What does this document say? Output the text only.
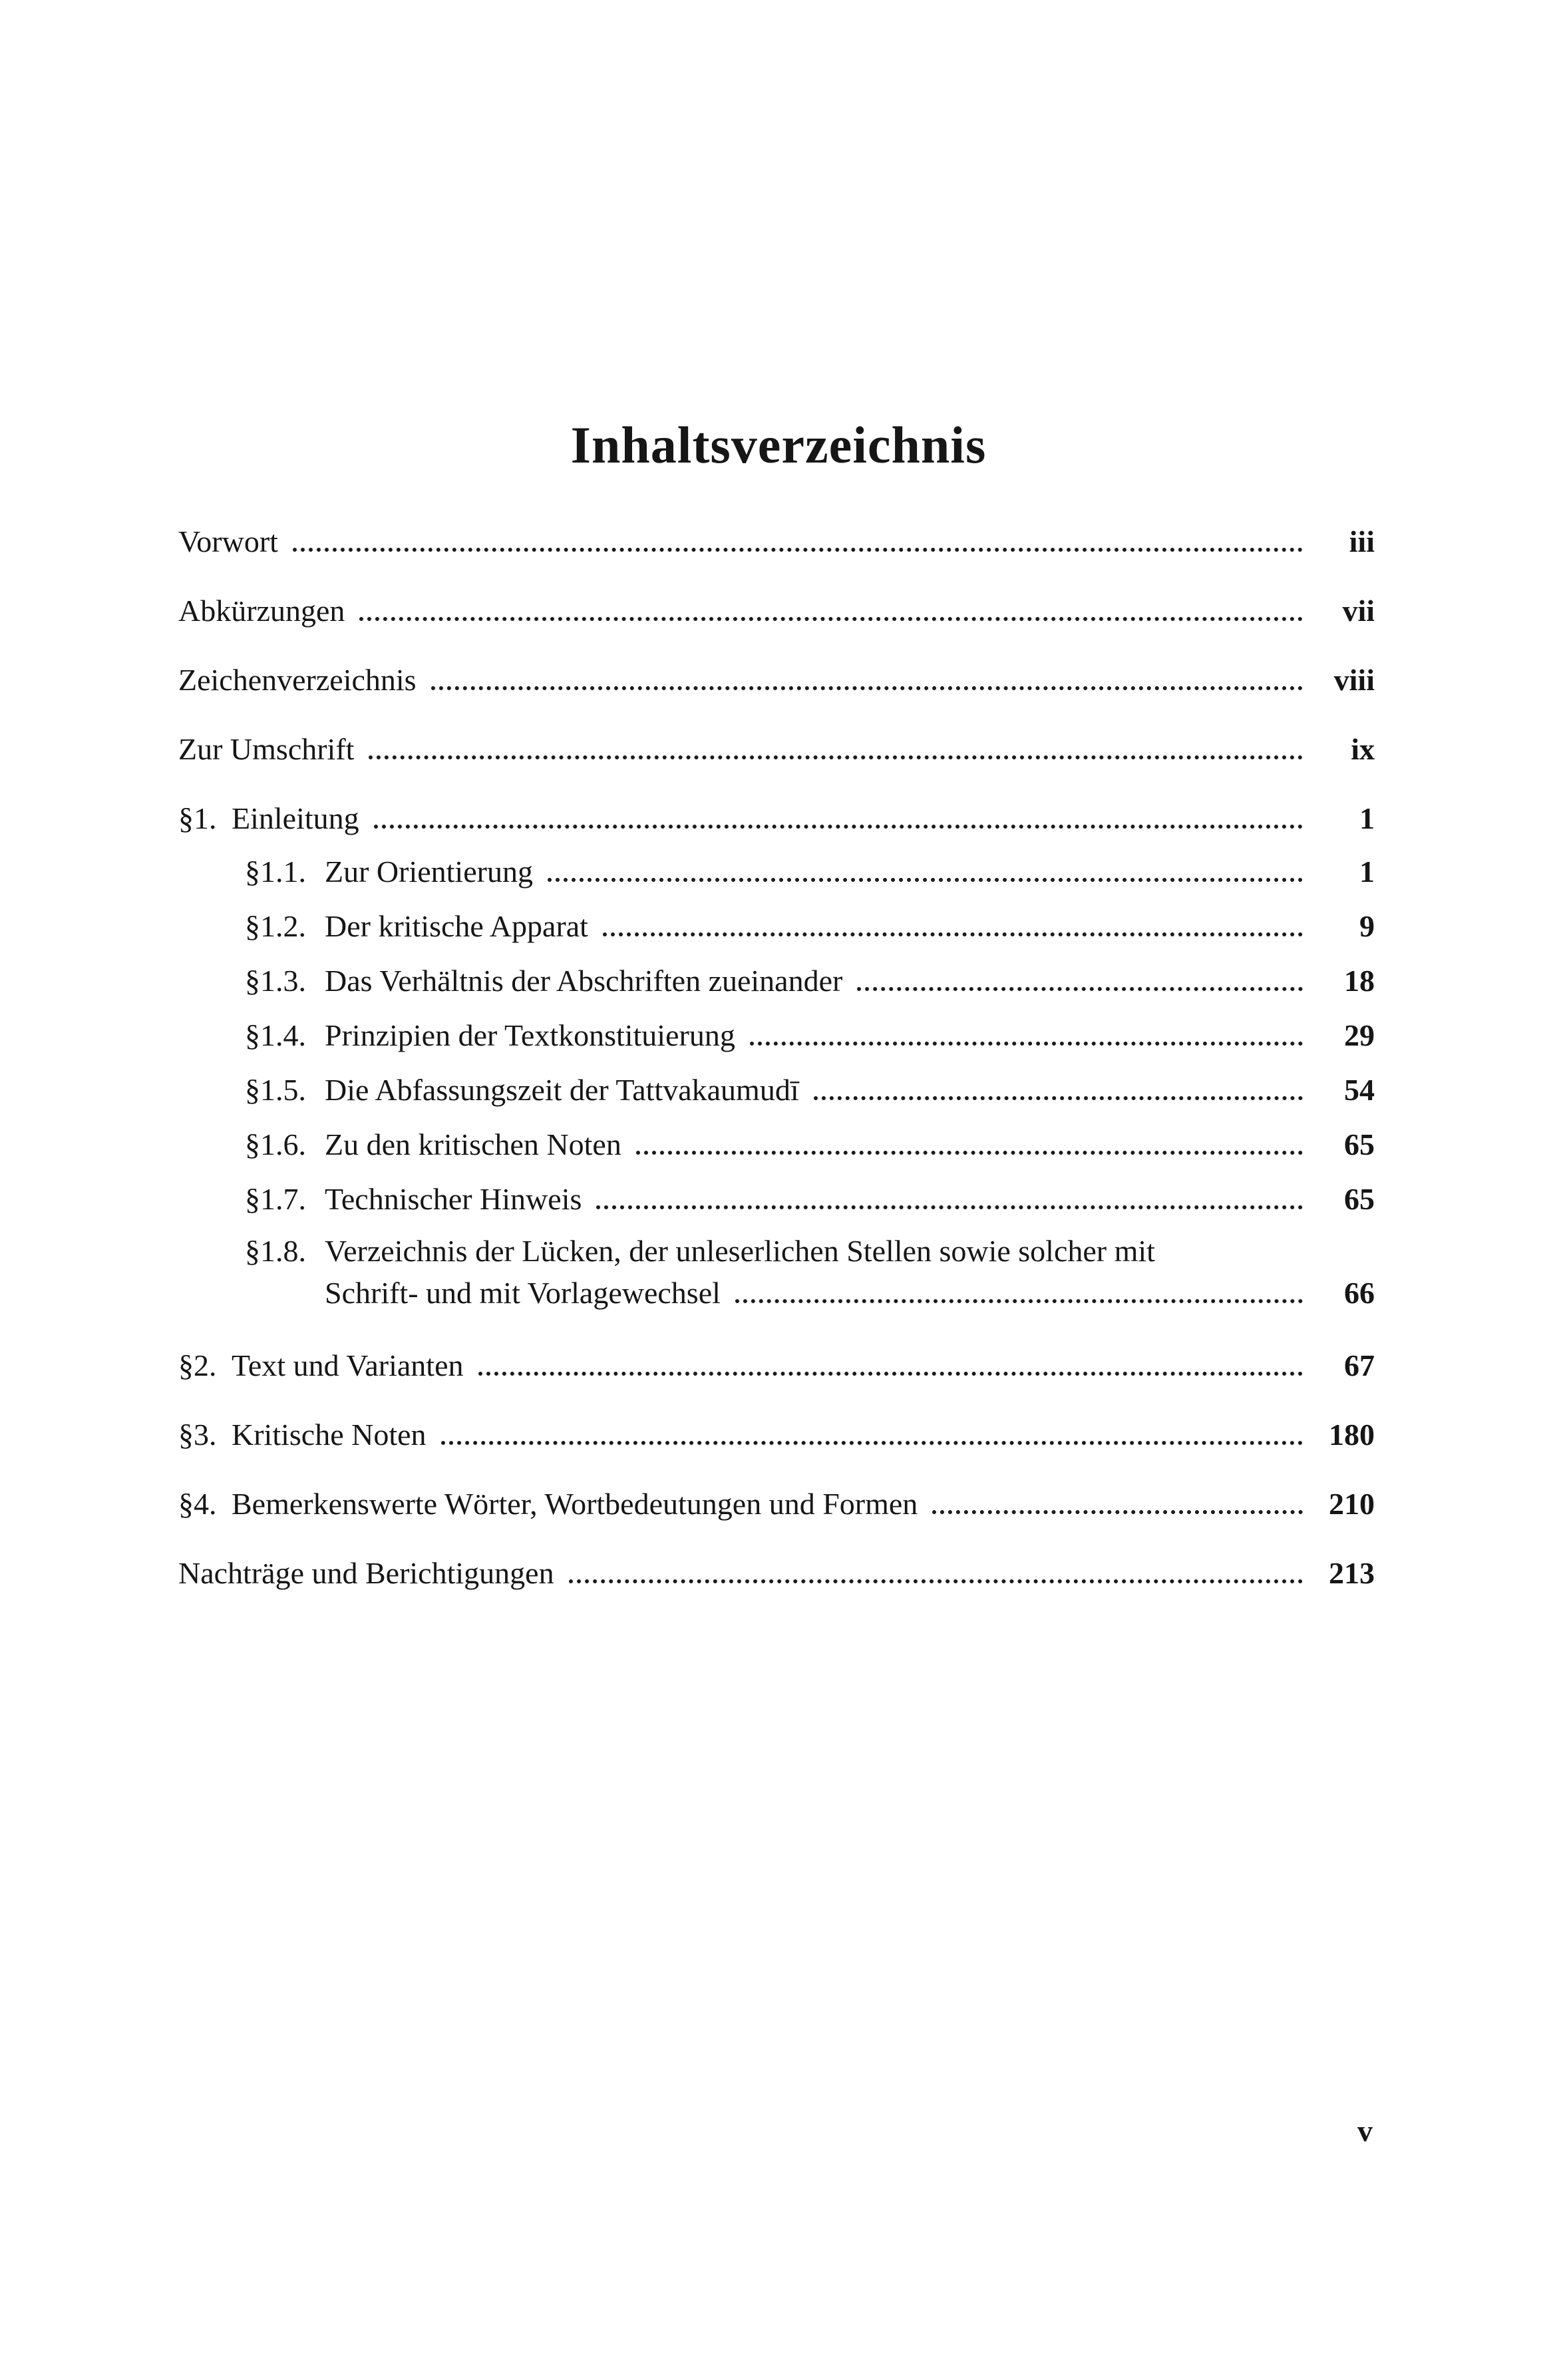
Inhaltsverzeichnis
Vorwort	iii
Abkürzungen	vii
Zeichenverzeichnis	viii
Zur Umschrift	ix
§1. Einleitung	1
§1.1. Zur Orientierung	1
§1.2. Der kritische Apparat	9
§1.3. Das Verhältnis der Abschriften zueinander	18
§1.4. Prinzipien der Textkonstituierung	29
§1.5. Die Abfassungszeit der Tattvakaumudī	54
§1.6. Zu den kritischen Noten	65
§1.7. Technischer Hinweis	65
§1.8. Verzeichnis der Lücken, der unleserlichen Stellen sowie solcher mit
Schrift- und mit Vorlagewechsel	66
§2. Text und Varianten	67
§3. Kritische Noten	180
§4. Bemerkenswerte Wörter, Wortbedeutungen und Formen	210
Nachträge und Berichtigungen	213
v
